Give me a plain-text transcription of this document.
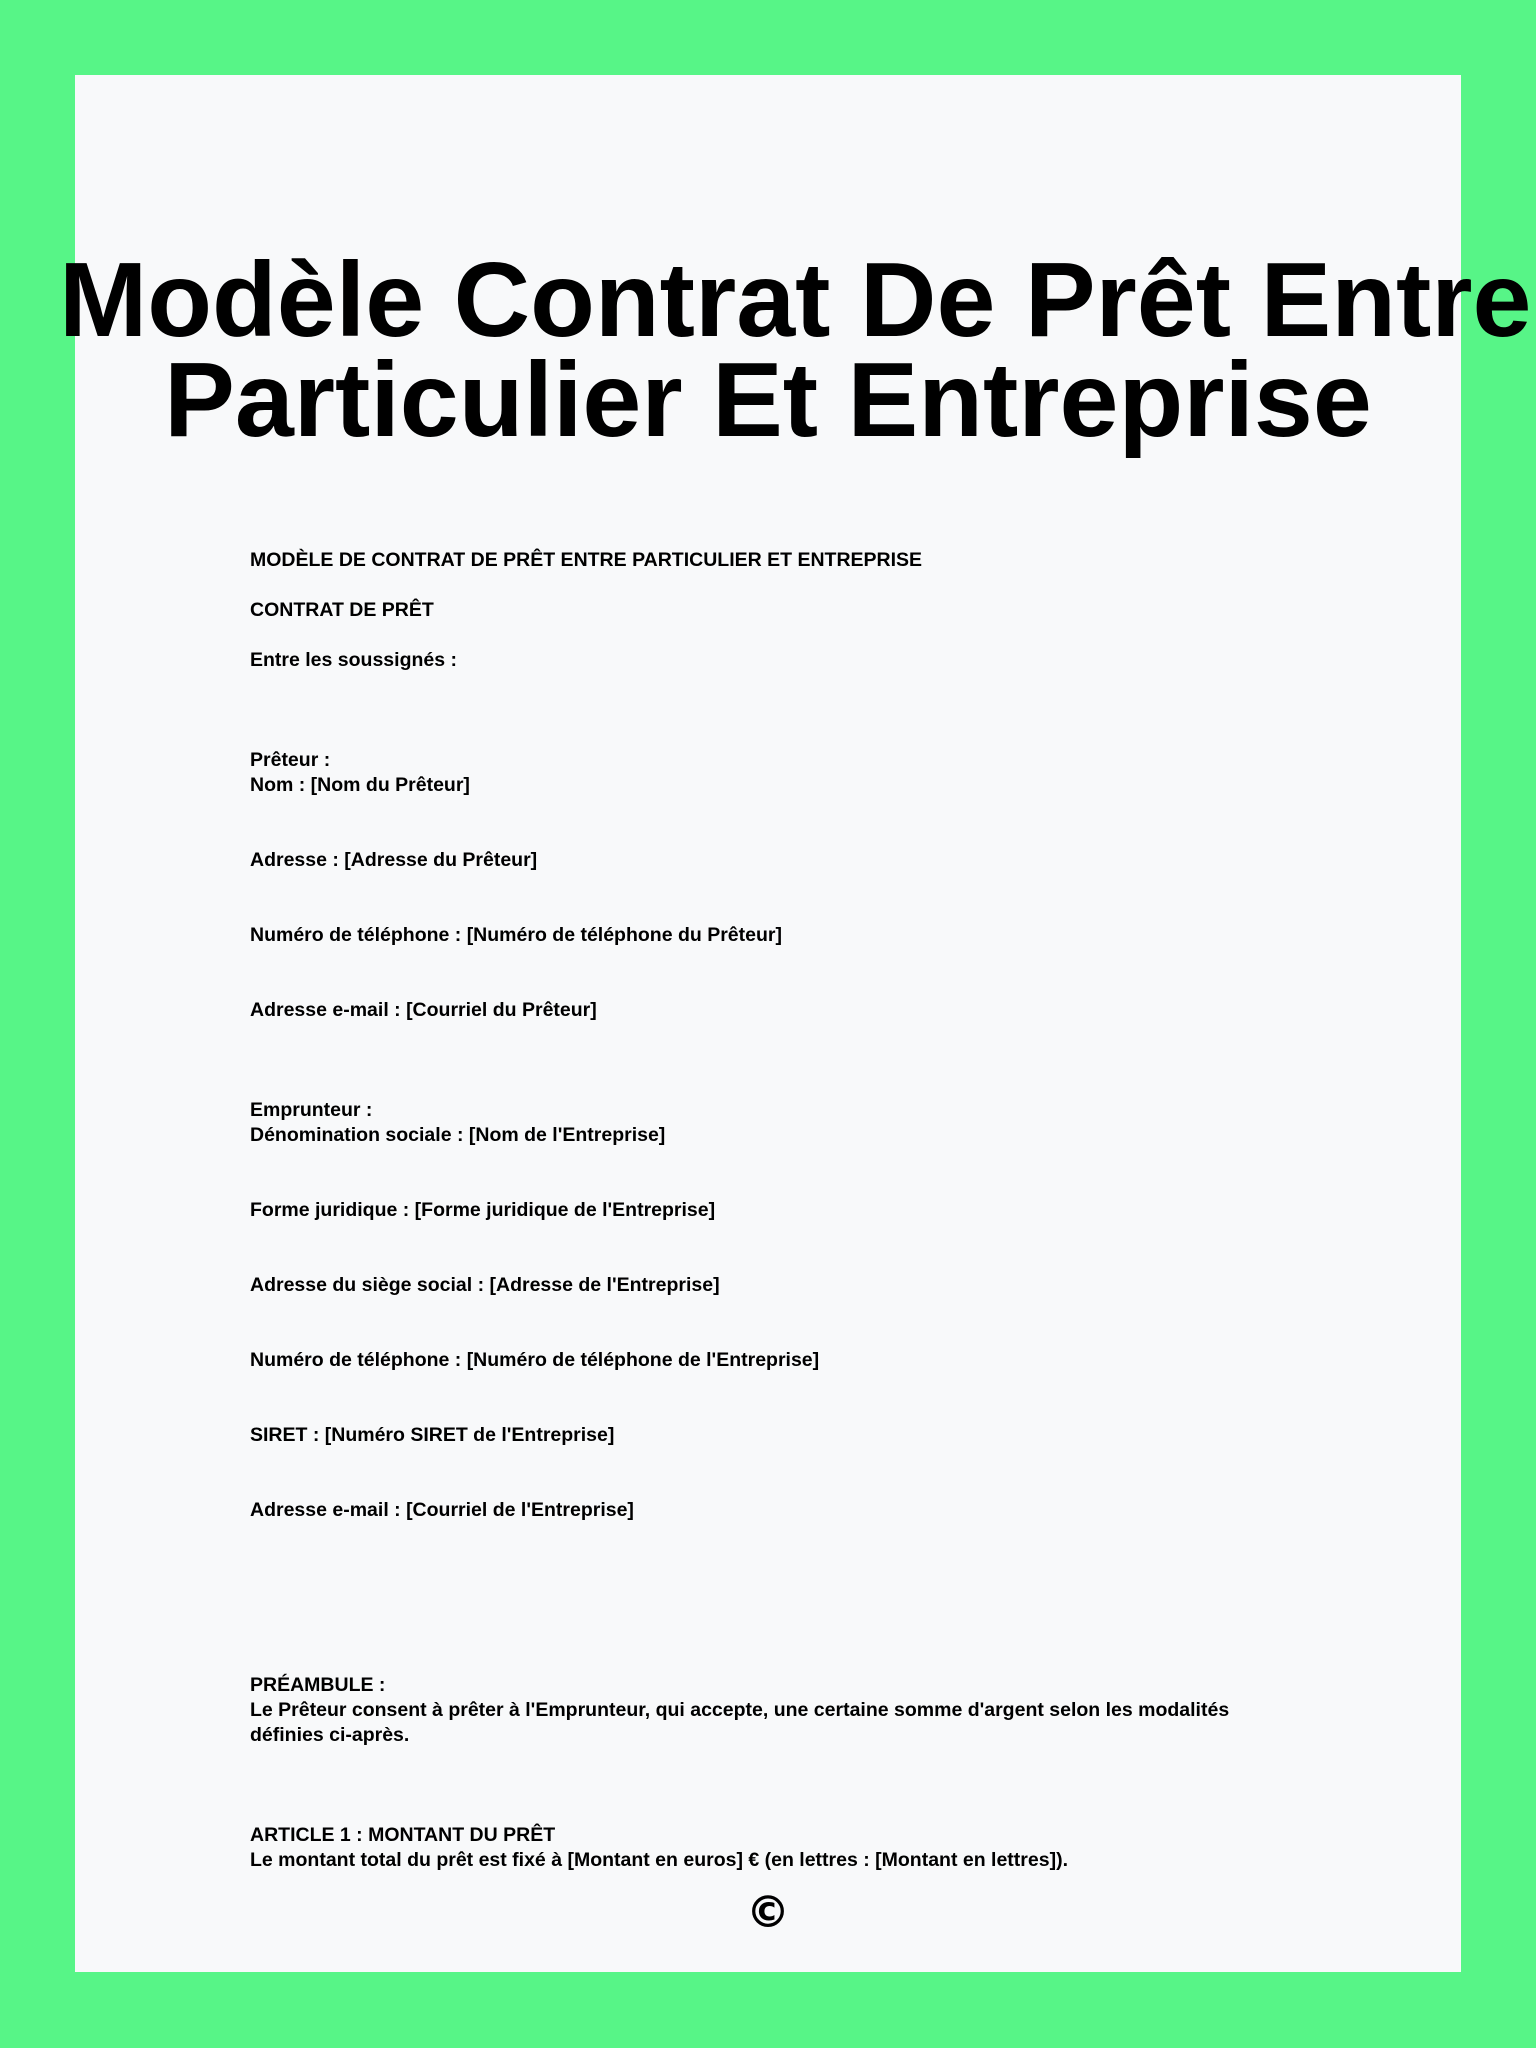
Modèle Contrat De Prêt Entre
Particulier Et Entreprise
MODÈLE DE CONTRAT DE PRÊT ENTRE PARTICULIER ET ENTREPRISE
CONTRAT DE PRÊT
Entre les soussignés :
Prêteur :
Nom : [Nom du Prêteur]
Adresse : [Adresse du Prêteur]
Numéro de téléphone : [Numéro de téléphone du Prêteur]
Adresse e-mail : [Courriel du Prêteur]
Emprunteur :
Dénomination sociale : [Nom de l'Entreprise]
Forme juridique : [Forme juridique de l'Entreprise]
Adresse du siège social : [Adresse de l'Entreprise]
Numéro de téléphone : [Numéro de téléphone de l'Entreprise]
SIRET : [Numéro SIRET de l'Entreprise]
Adresse e-mail : [Courriel de l'Entreprise]
PRÉAMBULE :
Le Prêteur consent à prêter à l'Emprunteur, qui accepte, une certaine somme d'argent selon les modalités
définies ci-après.
ARTICLE 1 : MONTANT DU PRÊT
Le montant total du prêt est fixé à [Montant en euros] € (en lettres : [Montant en lettres]).
©
